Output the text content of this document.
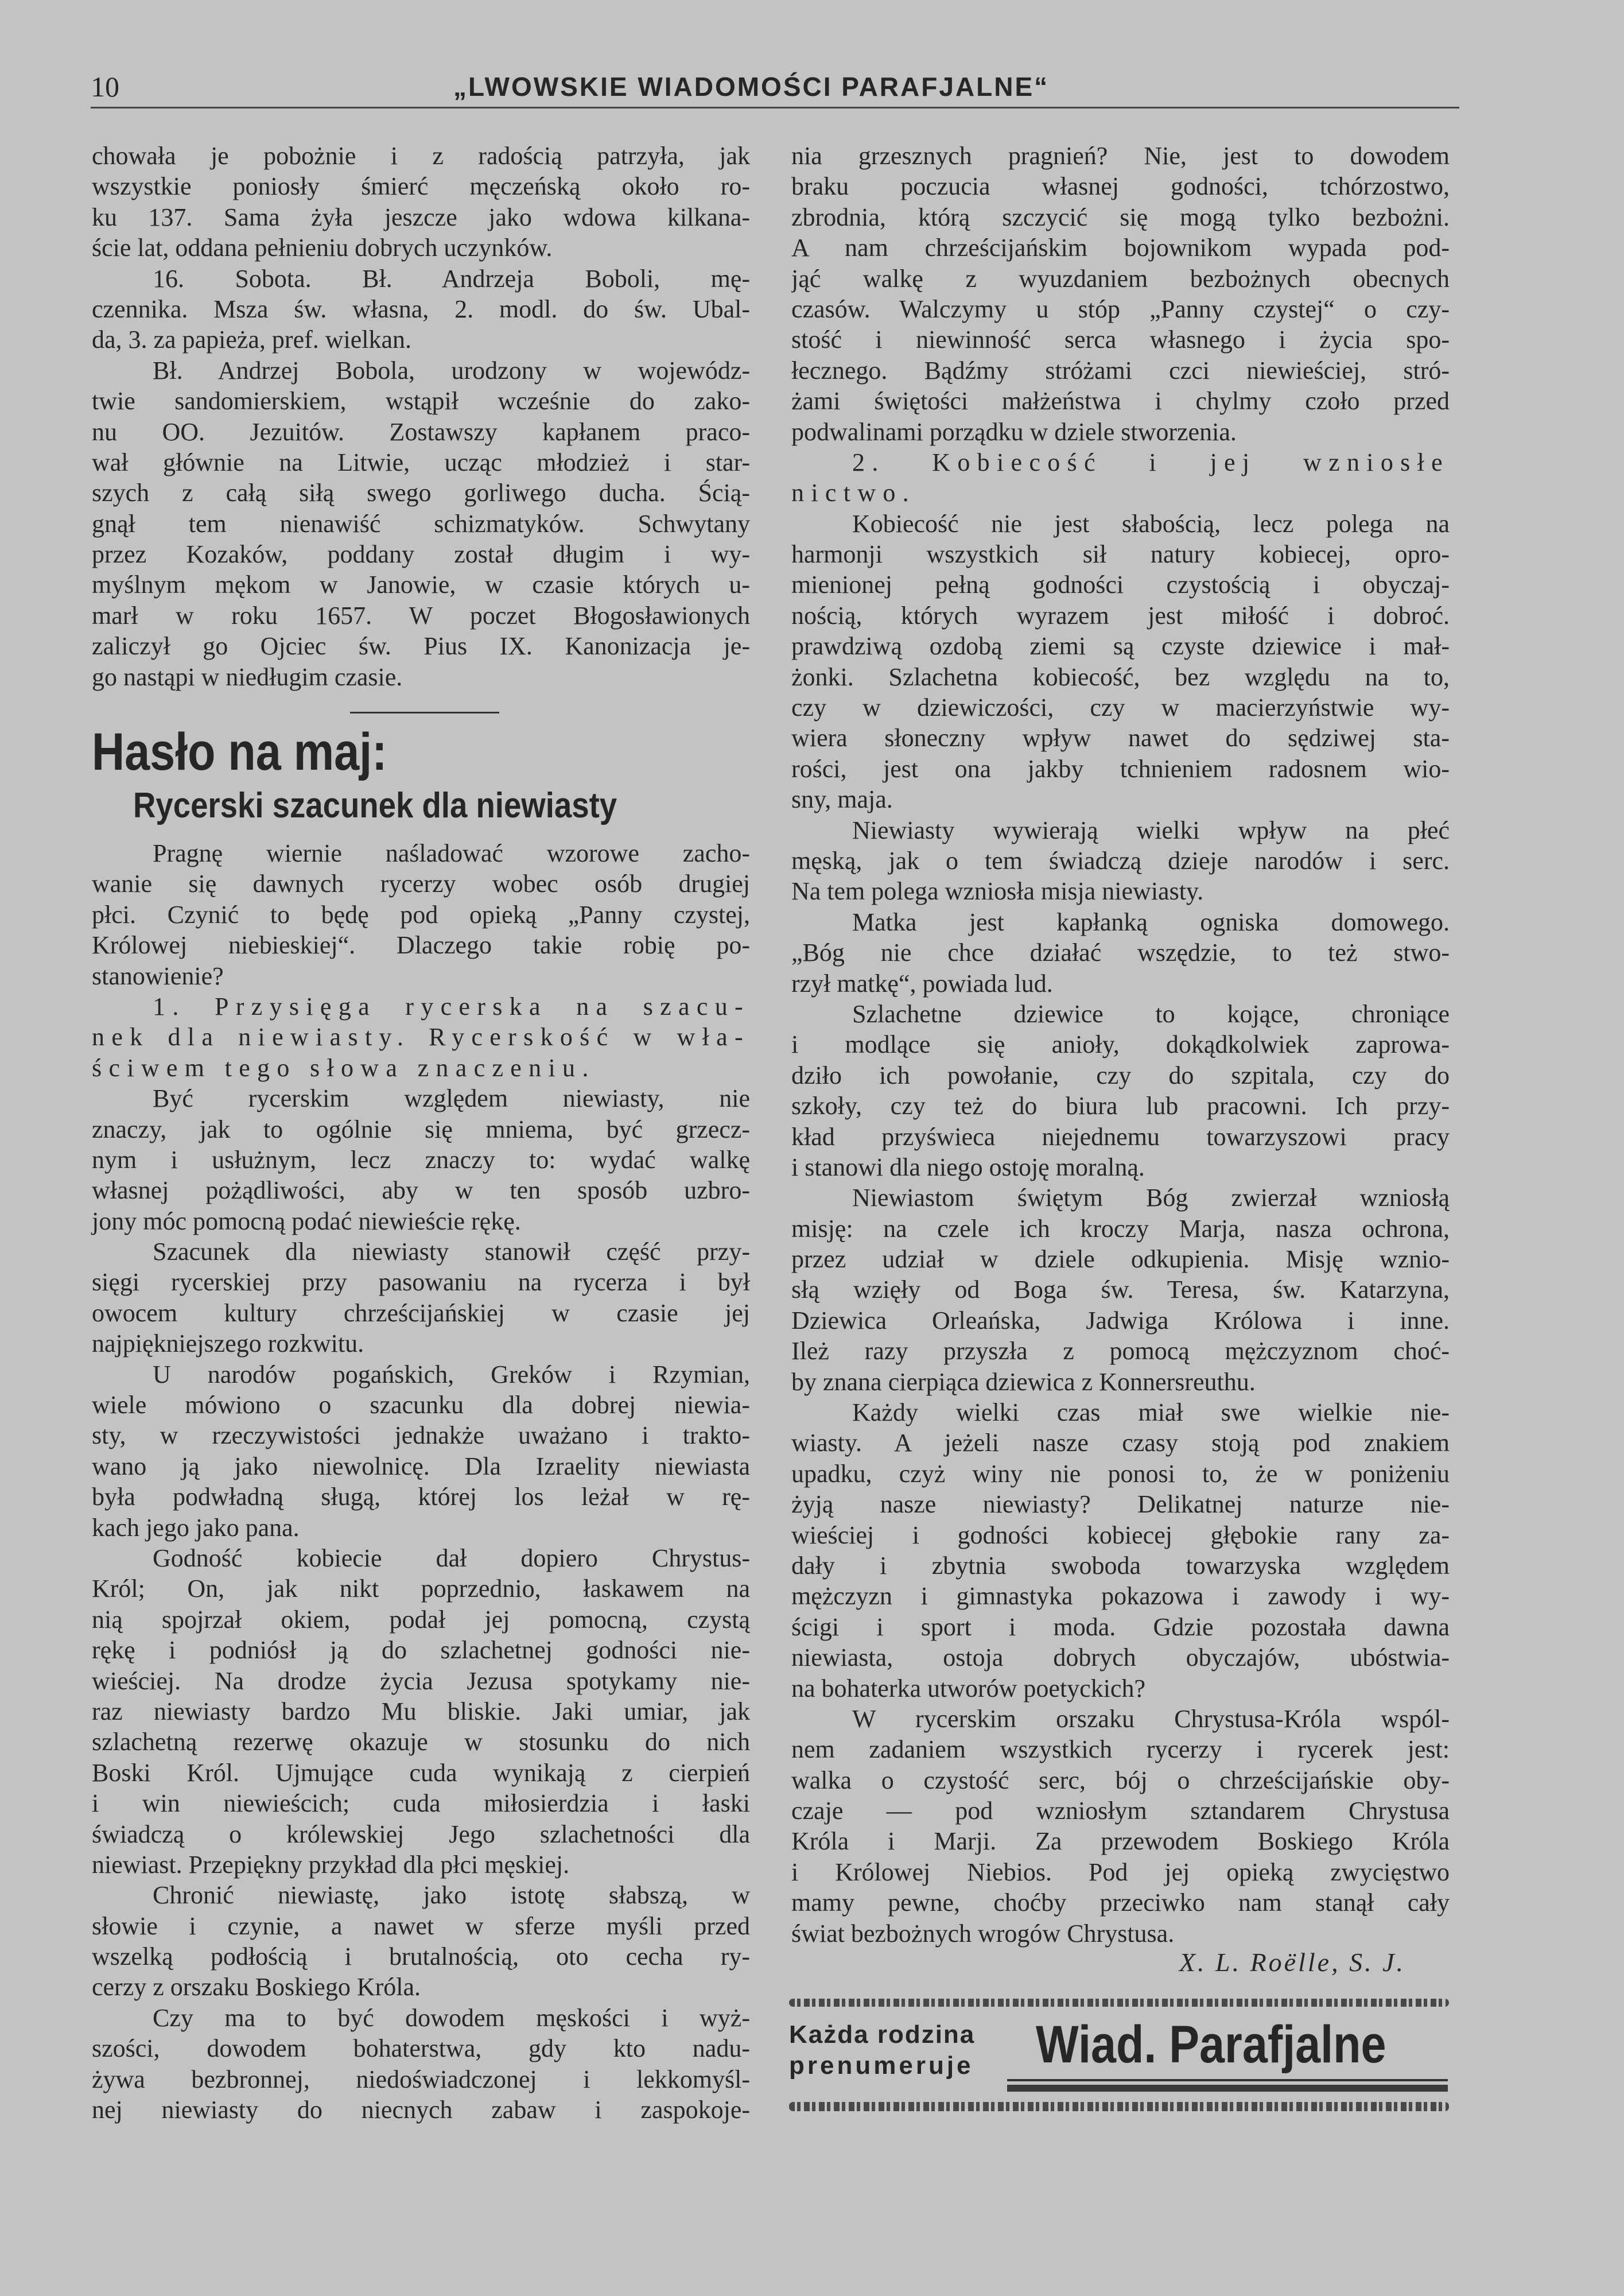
10	„LWOWSKIE WIADOMOŚCI PARAFJALNE“
chowała je pobożnie i z radością patrzyła, jak
wszystkie poniosły śmierć męczeńską około ro-
ku 137. Sama żyła jeszcze jako wdowa kilkana-
ście lat, oddana pełnieniu dobrych uczynków.
16. Sobota. Bł. Andrzeja Boboli, mę-
czennika. Msza św. własna, 2. modl. do św. Ubal-
da, 3. za papieża, pref. wielkan.
Bł. Andrzej Bobola, urodzony w wojewódz-
twie sandomierskiem, wstąpił wcześnie do zako-
nu OO. Jezuitów. Zostawszy kapłanem praco-
wał głównie na Litwie, ucząc młodzież i star-
szych z całą siłą swego gorliwego ducha. Ścią-
gnął tem nienawiść schizmatyków. Schwytany
przez Kozaków, poddany został długim i wy-
myślnym mękom w Janowie, w czasie których u-
marł w roku 1657. W poczet Błogosławionych
zaliczył go Ojciec św. Pius IX. Kanonizacja je-
go nastąpi w niedługim czasie.
Hasło na maj:
Rycerski szacunek dla niewiasty
Pragnę wiernie naśladować wzorowe zacho-
wanie się dawnych rycerzy wobec osób drugiej
płci. Czynić to będę pod opieką „Panny czystej,
Królowej niebieskiej“. Dlaczego takie robię po-
stanowienie?
1. Przysięga rycerska na szacu-
nek dla niewiasty. Rycerskość w wła-
ściwem tego słowa znaczeniu.
Być rycerskim względem niewiasty, nie
znaczy, jak to ogólnie się mniema, być grzecz-
nym i usłużnym, lecz znaczy to: wydać walkę
własnej pożądliwości, aby w ten sposób uzbro-
jony móc pomocną podać niewieście rękę.
Szacunek dla niewiasty stanowił część przy-
sięgi rycerskiej przy pasowaniu na rycerza i był
owocem kultury chrześcijańskiej w czasie jej
najpiękniejszego rozkwitu.
U narodów pogańskich, Greków i Rzymian,
wiele mówiono o szacunku dla dobrej niewia-
sty, w rzeczywistości jednakże uważano i trakto-
wano ją jako niewolnicę. Dla Izraelity niewiasta
była podwładną sługą, której los leżał w rę-
kach jego jako pana.
Godność kobiecie dał dopiero Chrystus-
Król; On, jak nikt poprzednio, łaskawem na
nią spojrzał okiem, podał jej pomocną, czystą
rękę i podniósł ją do szlachetnej godności nie-
wieściej. Na drodze życia Jezusa spotykamy nie-
raz niewiasty bardzo Mu bliskie. Jaki umiar, jak
szlachetną rezerwę okazuje w stosunku do nich
Boski Król. Ujmujące cuda wynikają z cierpień
i win niewieścich; cuda miłosierdzia i łaski
świadczą o królewskiej Jego szlachetności dla
niewiast. Przepiękny przykład dla płci męskiej.
Chronić niewiastę, jako istotę słabszą, w
słowie i czynie, a nawet w sferze myśli przed
wszelką podłością i brutalnością, oto cecha ry-
cerzy z orszaku Boskiego Króla.
Czy ma to być dowodem męskości i wyż-
szości, dowodem bohaterstwa, gdy kto nadu-
żywa bezbronnej, niedoświadczonej i lekkomyśl-
nej niewiasty do niecnych zabaw i zaspokoje-
nia grzesznych pragnień? Nie, jest to dowodem
braku poczucia własnej godności, tchórzostwo,
zbrodnia, którą szczycić się mogą tylko bezbożni.
A nam chrześcijańskim bojownikom wypada pod-
jąć walkę z wyuzdaniem bezbożnych obecnych
czasów. Walczymy u stóp „Panny czystej“ o czy-
stość i niewinność serca własnego i życia spo-
łecznego. Bądźmy stróżami czci niewieściej, stró-
żami świętości małżeństwa i chylmy czoło przed
podwalinami porządku w dziele stworzenia.
2. Kobiecość i jej wzniosłe
nictwo.
Kobiecość nie jest słabością, lecz polega na
harmonji wszystkich sił natury kobiecej, opro-
mienionej pełną godności czystością i obyczaj-
nością, których wyrazem jest miłość i dobroć.
prawdziwą ozdobą ziemi są czyste dziewice i mał-
żonki. Szlachetna kobiecość, bez względu na to,
czy w dziewiczości, czy w macierzyństwie wy-
wiera słoneczny wpływ nawet do sędziwej sta-
rości, jest ona jakby tchnieniem radosnem wio-
sny, maja.
Niewiasty wywierają wielki wpływ na płeć
męską, jak o tem świadczą dzieje narodów i serc.
Na tem polega wzniosła misja niewiasty.
Matka jest kapłanką ogniska domowego.
„Bóg nie chce działać wszędzie, to też stwo-
rzył matkę“, powiada lud.
Szlachetne dziewice to kojące, chroniące
i modlące się anioły, dokądkolwiek zaprowa-
dziło ich powołanie, czy do szpitala, czy do
szkoły, czy też do biura lub pracowni. Ich przy-
kład przyświeca niejednemu towarzyszowi pracy
i stanowi dla niego ostoję moralną.
Niewiastom świętym Bóg zwierzał wzniosłą
misję: na czele ich kroczy Marja, nasza ochrona,
przez udział w dziele odkupienia. Misję wznio-
słą wzięły od Boga św. Teresa, św. Katarzyna,
Dziewica Orleańska, Jadwiga Królowa i inne.
Ileż razy przyszła z pomocą mężczyznom choć-
by znana cierpiąca dziewica z Konnersreuthu.
Każdy wielki czas miał swe wielkie nie-
wiasty. A jeżeli nasze czasy stoją pod znakiem
upadku, czyż winy nie ponosi to, że w poniżeniu
żyją nasze niewiasty? Delikatnej naturze nie-
wieściej i godności kobiecej głębokie rany za-
dały i zbytnia swoboda towarzyska względem
mężczyzn i gimnastyka pokazowa i zawody i wy-
ścigi i sport i moda. Gdzie pozostała dawna
niewiasta, ostoja dobrych obyczajów, ubóstwia-
na bohaterka utworów poetyckich?
W rycerskim orszaku Chrystusa-Króla wspól-
nem zadaniem wszystkich rycerzy i rycerek jest:
walka o czystość serc, bój o chrześcijańskie oby-
czaje — pod wzniosłym sztandarem Chrystusa
Króla i Marji. Za przewodem Boskiego Króla
i Królowej Niebios. Pod jej opieką zwycięstwo
mamy pewne, choćby przeciwko nam stanął cały
świat bezbożnych wrogów Chrystusa.
X. L. Roëlle, S. J.
Każda rodzina
prenumeruje Wiad. Parafjalne
